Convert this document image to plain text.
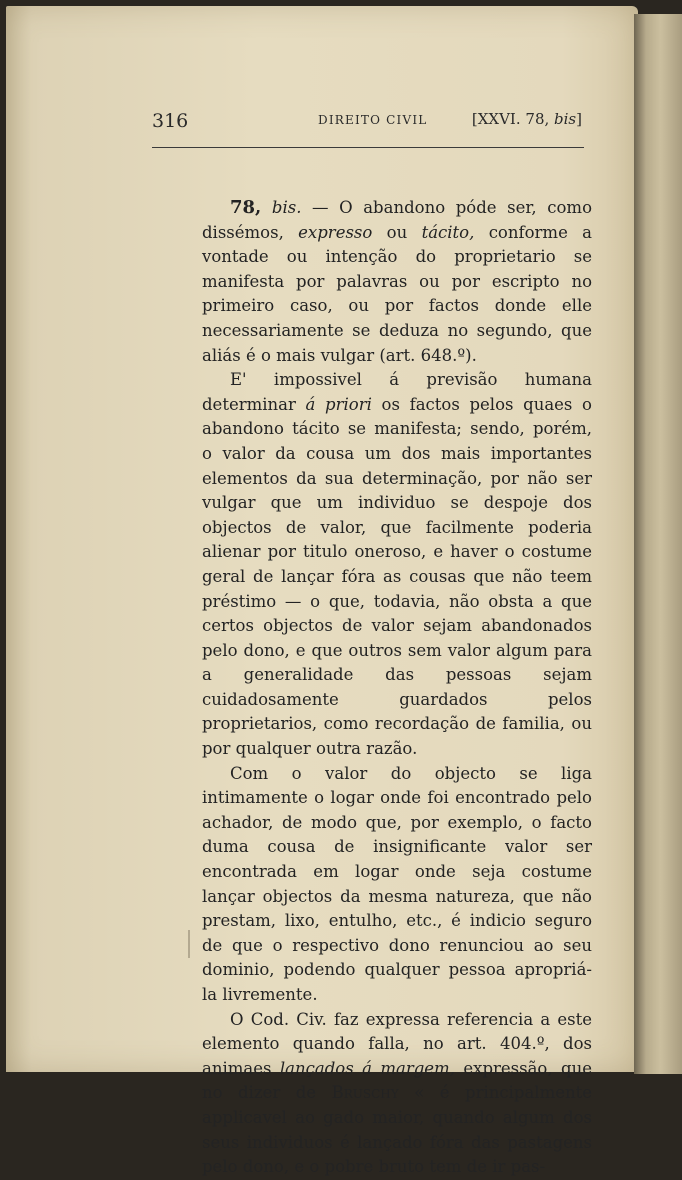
316	DIREITO CIVIL	[XXVI. 78, bis]

78, bis. — O abandono póde ser, como dissémos, expresso ou tácito, conforme a vontade ou intenção do proprietario se manifesta por palavras ou por escripto no primeiro caso, ou por factos donde elle necessariamente se deduza no segundo, que aliás é o mais vulgar (art. 648.º).

E' impossivel á previsão humana determinar á priori os factos pelos quaes o abandono tácito se manifesta; sendo, porém, o valor da cousa um dos mais importantes elementos da sua determinação, por não ser vulgar que um individuo se despoje dos objectos de valor, que facilmente poderia alienar por titulo oneroso, e haver o costume geral de lançar fóra as cousas que não teem préstimo — o que, todavia, não obsta a que certos objectos de valor sejam abandonados pelo dono, e que outros sem valor algum para a generalidade das pessoas sejam cuidadosamente guardados pelos proprietarios, como recordação de familia, ou por qualquer outra razão.

Com o valor do objecto se liga intimamente o logar onde foi encontrado pelo achador, de modo que, por exemplo, o facto duma cousa de insignificante valor ser encontrada em logar onde seja costume lançar objectos da mesma natureza, que não prestam, lixo, entulho, etc., é indicio seguro de que o respectivo dono renunciou ao seu dominio, podendo qualquer pessoa apropriá-la livremente.

O Cod. Civ. faz expressa referencia a este elemento quando falla, no art. 404.º, dos animaes lançados á margem, expressão, que no dizer de Bruschy « é principalmente applicavel ao gado maior, quando algum dos seus individuos é lançado fóra das pastagens pelo dono, e o pobre bruto tem de ir pas-
